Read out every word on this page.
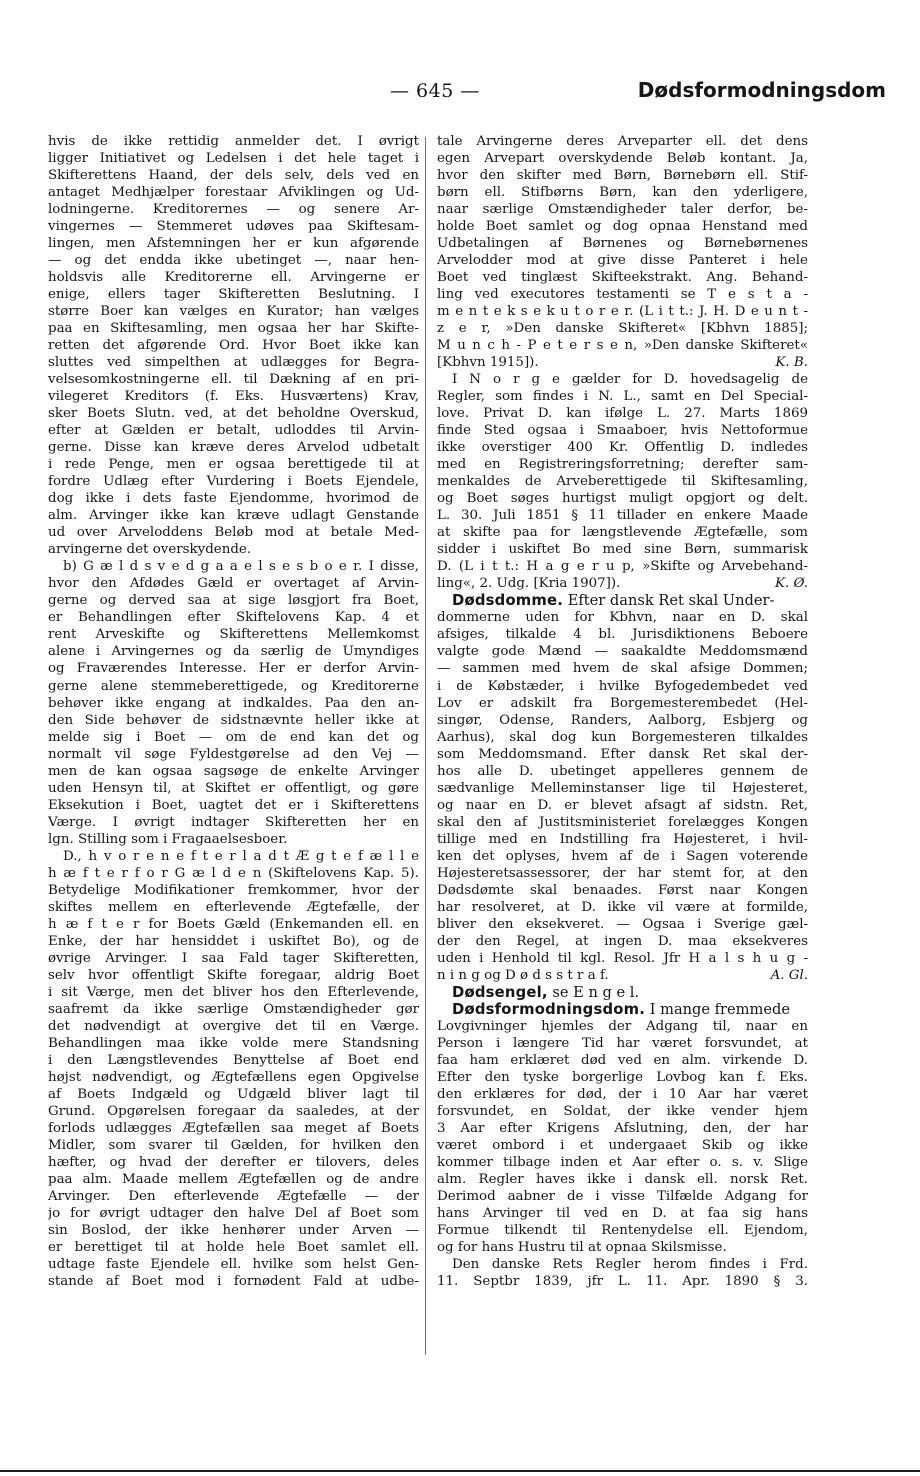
— 645 —	Dødsformodningsdom
hvis de ikke rettidig anmelder det. I øvrigt
ligger Initiativet og Ledelsen i det hele taget i
Skifterettens Haand, der dels selv, dels ved en
antaget Medhjælper forestaar Afviklingen og Ud-
lodningerne. Kreditorernes — og senere Ar-
vingernes — Stemmeret udøves paa Skiftesam-
lingen, men Afstemningen her er kun afgørende
— og det endda ikke ubetinget —, naar hen-
holdsvis alle Kreditorerne ell. Arvingerne er
enige, ellers tager Skifteretten Beslutning. I
større Boer kan vælges en Kurator; han vælges
paa en Skiftesamling, men ogsaa her har Skifte-
retten det afgørende Ord. Hvor Boet ikke kan
sluttes ved simpelthen at udlægges for Begra-
velsesomkostningerne ell. til Dækning af en pri-
vilegeret Kreditors (f. Eks. Husværtens) Krav,
sker Boets Slutn. ved, at det beholdne Overskud,
efter at Gælden er betalt, udloddes til Arvin-
gerne. Disse kan kræve deres Arvelod udbetalt
i rede Penge, men er ogsaa berettigede til at
fordre Udlæg efter Vurdering i Boets Ejendele,
dog ikke i dets faste Ejendomme, hvorimod de
alm. Arvinger ikke kan kræve udlagt Genstande
ud over Arveloddens Beløb mod at betale Med-
arvingerne det overskydende.
b) G æ l d s v e d g a a e l s e s b o e r. I disse,
hvor den Afdødes Gæld er overtaget af Arvin-
gerne og derved saa at sige løsgjort fra Boet,
er Behandlingen efter Skiftelovens Kap. 4 et
rent Arveskifte og Skifterettens Mellemkomst
alene i Arvingernes og da særlig de Umyndiges
og Fraværendes Interesse. Her er derfor Arvin-
gerne alene stemmeberettigede, og Kreditorerne
behøver ikke engang at indkaldes. Paa den an-
den Side behøver de sidstnævnte heller ikke at
melde sig i Boet — om de end kan det og
normalt vil søge Fyldestgørelse ad den Vej —
men de kan ogsaa sagsøge de enkelte Arvinger
uden Hensyn til, at Skiftet er offentligt, og gøre
Eksekution i Boet, uagtet det er i Skifterettens
Værge. I øvrigt indtager Skifteretten her en
lgn. Stilling som i Fragaaelsesboer.
D., h v o r e n e f t e r l a d t Æ g t e f æ l l e
h æ f t e r f o r G æ l d e n (Skiftelovens Kap. 5).
Betydelige Modifikationer fremkommer, hvor der
skiftes mellem en efterlevende Ægtefælle, der
h æ f t e r for Boets Gæld (Enkemanden ell. en
Enke, der har hensiddet i uskiftet Bo), og de
øvrige Arvinger. I saa Fald tager Skifteretten,
selv hvor offentligt Skifte foregaar, aldrig Boet
i sit Værge, men det bliver hos den Efterlevende,
saafremt da ikke særlige Omstændigheder gør
det nødvendigt at overgive det til en Værge.
Behandlingen maa ikke volde mere Standsning
i den Længstlevendes Benyttelse af Boet end
højst nødvendigt, og Ægtefællens egen Opgivelse
af Boets Indgæld og Udgæld bliver lagt til
Grund. Opgørelsen foregaar da saaledes, at der
forlods udlægges Ægtefællen saa meget af Boets
Midler, som svarer til Gælden, for hvilken den
hæfter, og hvad der derefter er tilovers, deles
paa alm. Maade mellem Ægtefællen og de andre
Arvinger. Den efterlevende Ægtefælle — der
jo for øvrigt udtager den halve Del af Boet som
sin Boslod, der ikke henhører under Arven —
er berettiget til at holde hele Boet samlet ell.
udtage faste Ejendele ell. hvilke som helst Gen-
stande af Boet mod i fornødent Fald at udbe-
tale Arvingerne deres Arveparter ell. det dens
egen Arvepart overskydende Beløb kontant. Ja,
hvor den skifter med Børn, Børnebørn ell. Stif-
børn ell. Stifbørns Børn, kan den yderligere,
naar særlige Omstændigheder taler derfor, be-
holde Boet samlet og dog opnaa Henstand med
Udbetalingen af Børnenes og Børnebørnenes
Arvelodder mod at give disse Panteret i hele
Boet ved tinglæst Skifteekstrakt. Ang. Behand-
ling ved executores testamenti se T e s t a -
m e n t e k s e k u t o r e r. (L i t t.: J. H. D e u n t -
z e r, »Den danske Skifteret« [Kbhvn 1885];
M u n c h - P e t e r s e n, »Den danske Skifteret«
[Kbhvn 1915]).	K. B.
I N o r g e gælder for D. hovedsagelig de
Regler, som findes i N. L., samt en Del Special-
love. Privat D. kan ifølge L. 27. Marts 1869
finde Sted ogsaa i Smaaboer, hvis Nettoformue
ikke overstiger 400 Kr. Offentlig D. indledes
med en Registreringsforretning; derefter sam-
menkaldes de Arveberettigede til Skiftesamling,
og Boet søges hurtigst muligt opgjort og delt.
L. 30. Juli 1851 § 11 tillader en enkere Maade
at skifte paa for længstlevende Ægtefælle, som
sidder i uskiftet Bo med sine Børn, summarisk
D. (L i t t.: H a g e r u p, »Skifte og Arvebehand-
ling«, 2. Udg. [Kria 1907]).	K. Ø.
Dødsdomme. Efter dansk Ret skal Under-
dommerne uden for Kbhvn, naar en D. skal
afsiges, tilkalde 4 bl. Jurisdiktionens Beboere
valgte gode Mænd — saakaldte Meddomsmænd
— sammen med hvem de skal afsige Dommen;
i de Købstæder, i hvilke Byfogedembedet ved
Lov er adskilt fra Borgemesterembedet (Hel-
singør, Odense, Randers, Aalborg, Esbjerg og
Aarhus), skal dog kun Borgemesteren tilkaldes
som Meddomsmand. Efter dansk Ret skal der-
hos alle D. ubetinget appelleres gennem de
sædvanlige Melleminstanser lige til Højesteret,
og naar en D. er blevet afsagt af sidstn. Ret,
skal den af Justitsministeriet forelægges Kongen
tillige med en Indstilling fra Højesteret, i hvil-
ken det oplyses, hvem af de i Sagen voterende
Højesteretsassessorer, der har stemt for, at den
Dødsdømte skal benaades. Først naar Kongen
har resolveret, at D. ikke vil være at formilde,
bliver den eksekveret. — Ogsaa i Sverige gæl-
der den Regel, at ingen D. maa eksekveres
uden i Henhold til kgl. Resol. Jfr H a l s h u g -
n i n g og D ø d s s t r a f.	A. Gl.
Dødsengel, se E n g e l.
Dødsformodningsdom. I mange fremmede
Lovgivninger hjemles der Adgang til, naar en
Person i længere Tid har været forsvundet, at
faa ham erklæret død ved en alm. virkende D.
Efter den tyske borgerlige Lovbog kan f. Eks.
den erklæres for død, der i 10 Aar har været
forsvundet, en Soldat, der ikke vender hjem
3 Aar efter Krigens Afslutning, den, der har
været ombord i et undergaaet Skib og ikke
kommer tilbage inden et Aar efter o. s. v. Slige
alm. Regler haves ikke i dansk ell. norsk Ret.
Derimod aabner de i visse Tilfælde Adgang for
hans Arvinger til ved en D. at faa sig hans
Formue tilkendt til Rentenydelse ell. Ejendom,
og for hans Hustru til at opnaa Skilsmisse.
Den danske Rets Regler herom findes i Frd.
11. Septbr 1839, jfr L. 11. Apr. 1890 § 3.
